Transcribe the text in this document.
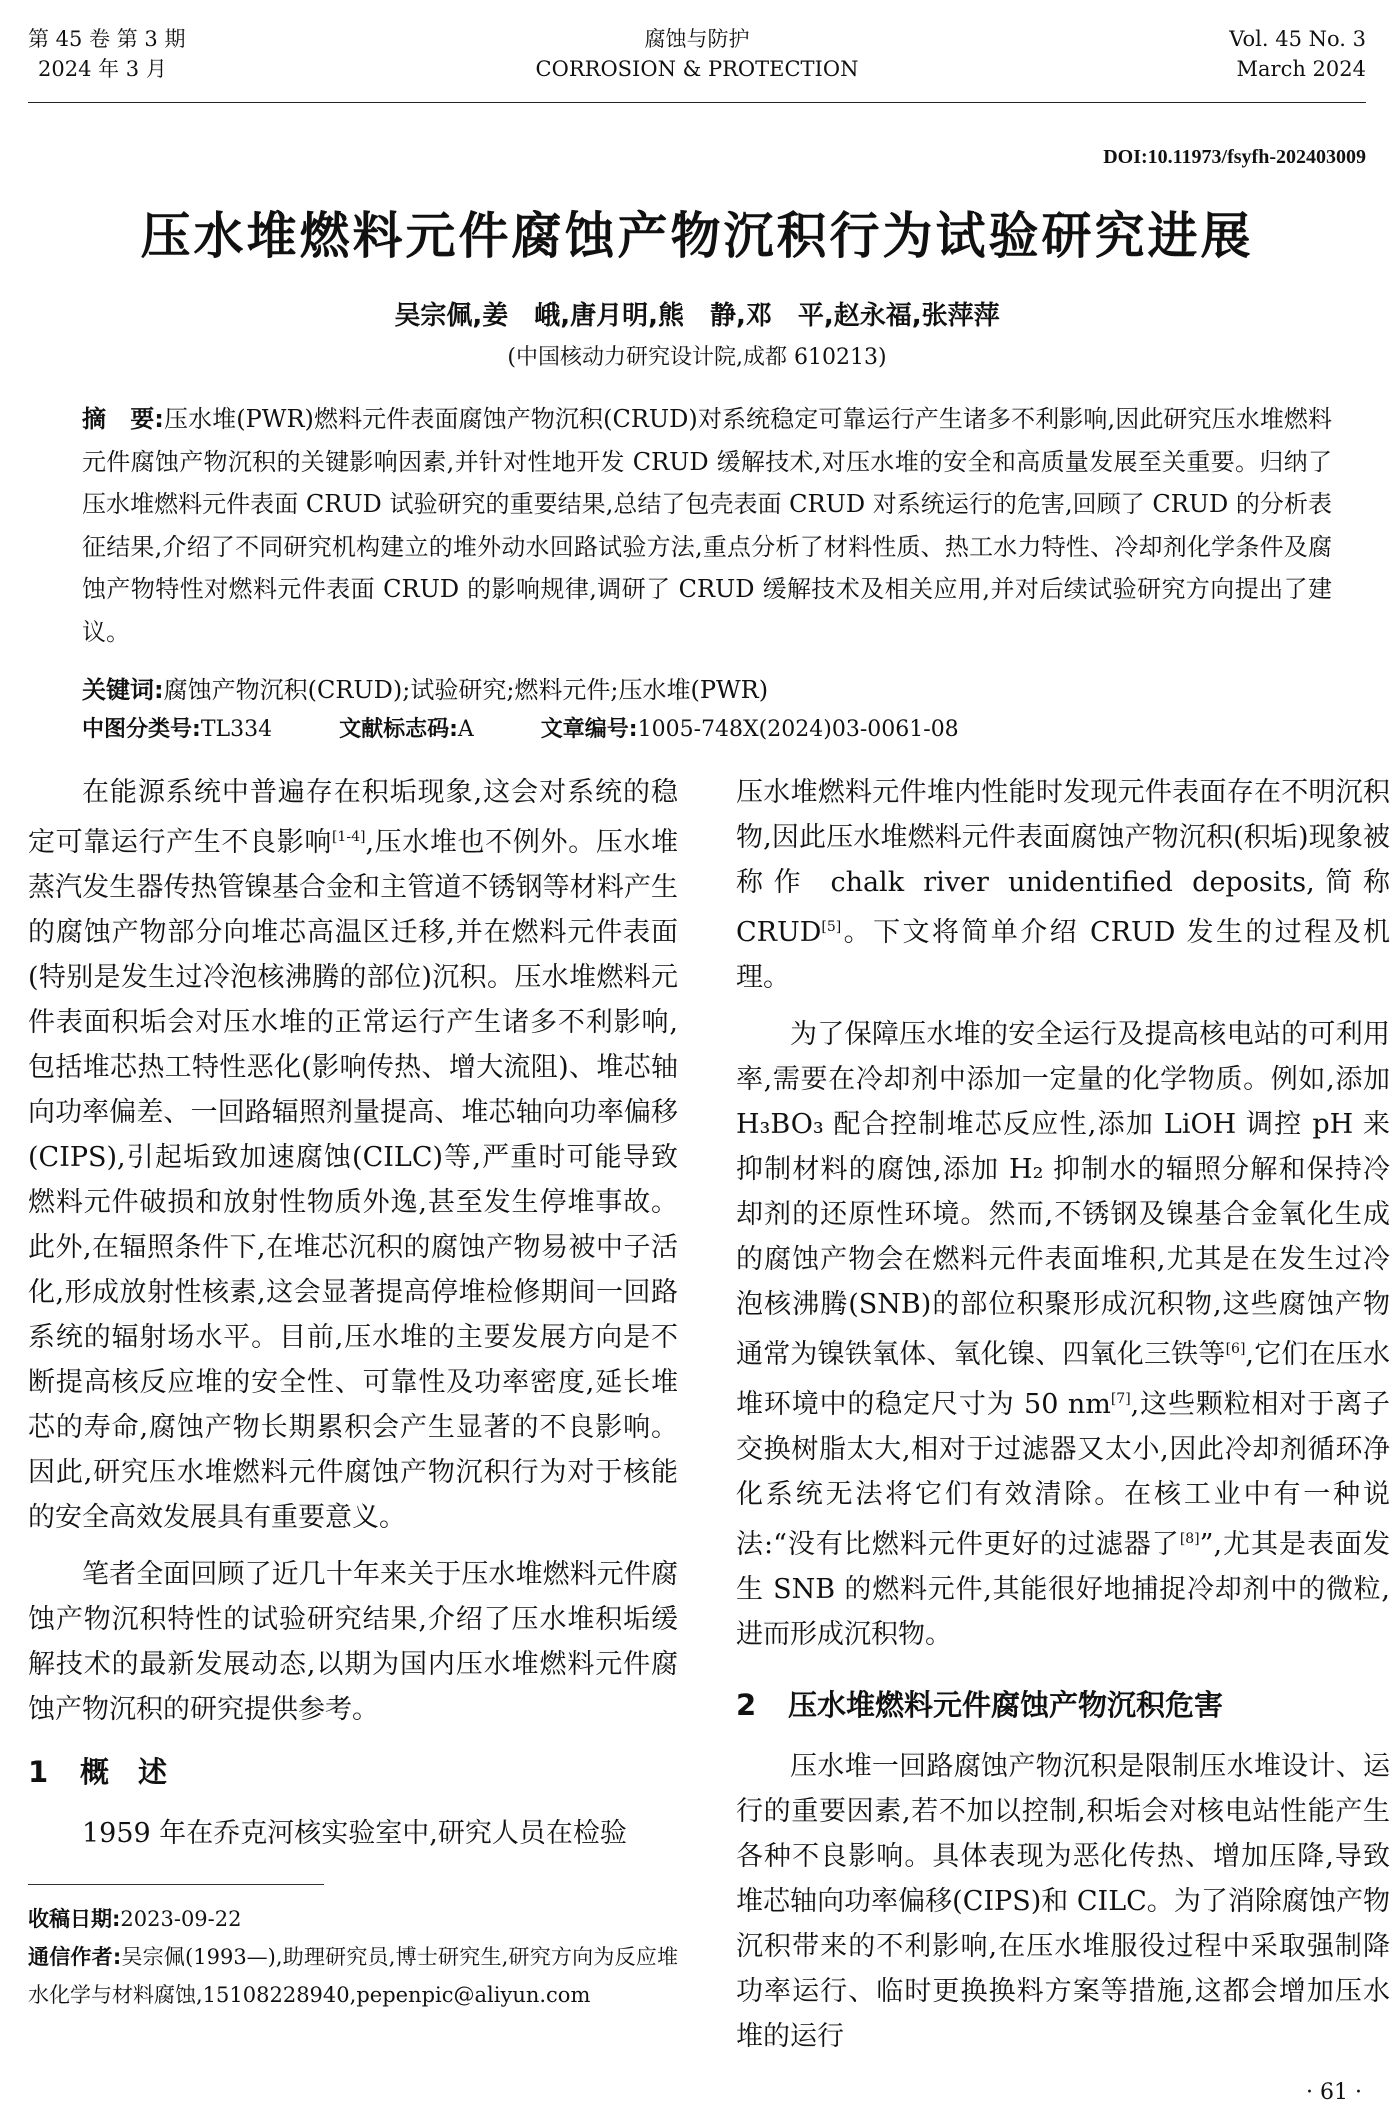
第 45 卷 第 3 期
2024 年 3 月
腐蚀与防护
CORROSION & PROTECTION
Vol. 45 No. 3
March 2024
DOI:10.11973/fsyfh-202403009
压水堆燃料元件腐蚀产物沉积行为试验研究进展
吴宗佩,姜　峨,唐月明,熊　静,邓　平,赵永福,张萍萍
(中国核动力研究设计院,成都 610213)
摘　要:压水堆(PWR)燃料元件表面腐蚀产物沉积(CRUD)对系统稳定可靠运行产生诸多不利影响,因此研究压水堆燃料元件腐蚀产物沉积的关键影响因素,并针对性地开发 CRUD 缓解技术,对压水堆的安全和高质量发展至关重要。归纳了压水堆燃料元件表面 CRUD 试验研究的重要结果,总结了包壳表面 CRUD 对系统运行的危害,回顾了 CRUD 的分析表征结果,介绍了不同研究机构建立的堆外动水回路试验方法,重点分析了材料性质、热工水力特性、冷却剂化学条件及腐蚀产物特性对燃料元件表面 CRUD 的影响规律,调研了 CRUD 缓解技术及相关应用,并对后续试验研究方向提出了建议。
关键词:腐蚀产物沉积(CRUD);试验研究;燃料元件;压水堆(PWR)
中图分类号:TL334	文献标志码:A	文章编号:1005-748X(2024)03-0061-08

在能源系统中普遍存在积垢现象,这会对系统的稳定可靠运行产生不良影响[1-4],压水堆也不例外。压水堆蒸汽发生器传热管镍基合金和主管道不锈钢等材料产生的腐蚀产物部分向堆芯高温区迁移,并在燃料元件表面(特别是发生过冷泡核沸腾的部位)沉积。压水堆燃料元件表面积垢会对压水堆的正常运行产生诸多不利影响,包括堆芯热工特性恶化(影响传热、增大流阻)、堆芯轴向功率偏差、一回路辐照剂量提高、堆芯轴向功率偏移(CIPS),引起垢致加速腐蚀(CILC)等,严重时可能导致燃料元件破损和放射性物质外逸,甚至发生停堆事故。此外,在辐照条件下,在堆芯沉积的腐蚀产物易被中子活化,形成放射性核素,这会显著提高停堆检修期间一回路系统的辐射场水平。目前,压水堆的主要发展方向是不断提高核反应堆的安全性、可靠性及功率密度,延长堆芯的寿命,腐蚀产物长期累积会产生显著的不良影响。因此,研究压水堆燃料元件腐蚀产物沉积行为对于核能的安全高效发展具有重要意义。

笔者全面回顾了近几十年来关于压水堆燃料元件腐蚀产物沉积特性的试验研究结果,介绍了压水堆积垢缓解技术的最新发展动态,以期为国内压水堆燃料元件腐蚀产物沉积的研究提供参考。

1 概　述

1959 年在乔克河核实验室中,研究人员在检验

收稿日期:2023-09-22
通信作者:吴宗佩(1993—),助理研究员,博士研究生,研究方向为反应堆水化学与材料腐蚀,15108228940,pepenpic@aliyun.com

压水堆燃料元件堆内性能时发现元件表面存在不明沉积物,因此压水堆燃料元件表面腐蚀产物沉积(积垢)现象被称作 chalk river unidentified deposits,简称 CRUD[5]。下文将简单介绍 CRUD 发生的过程及机理。

为了保障压水堆的安全运行及提高核电站的可利用率,需要在冷却剂中添加一定量的化学物质。例如,添加 H₃BO₃ 配合控制堆芯反应性,添加 LiOH 调控 pH 来抑制材料的腐蚀,添加 H₂ 抑制水的辐照分解和保持冷却剂的还原性环境。然而,不锈钢及镍基合金氧化生成的腐蚀产物会在燃料元件表面堆积,尤其是在发生过冷泡核沸腾(SNB)的部位积聚形成沉积物,这些腐蚀产物通常为镍铁氧体、氧化镍、四氧化三铁等[6],它们在压水堆环境中的稳定尺寸为 50 nm[7],这些颗粒相对于离子交换树脂太大,相对于过滤器又太小,因此冷却剂循环净化系统无法将它们有效清除。在核工业中有一种说法:“没有比燃料元件更好的过滤器了[8]”,尤其是表面发生 SNB 的燃料元件,其能很好地捕捉冷却剂中的微粒,进而形成沉积物。

2 压水堆燃料元件腐蚀产物沉积危害

压水堆一回路腐蚀产物沉积是限制压水堆设计、运行的重要因素,若不加以控制,积垢会对核电站性能产生各种不良影响。具体表现为恶化传热、增加压降,导致堆芯轴向功率偏移(CIPS)和 CILC。为了消除腐蚀产物沉积带来的不利影响,在压水堆服役过程中采取强制降功率运行、临时更换换料方案等措施,这都会增加压水堆的运行

· 61 ·
